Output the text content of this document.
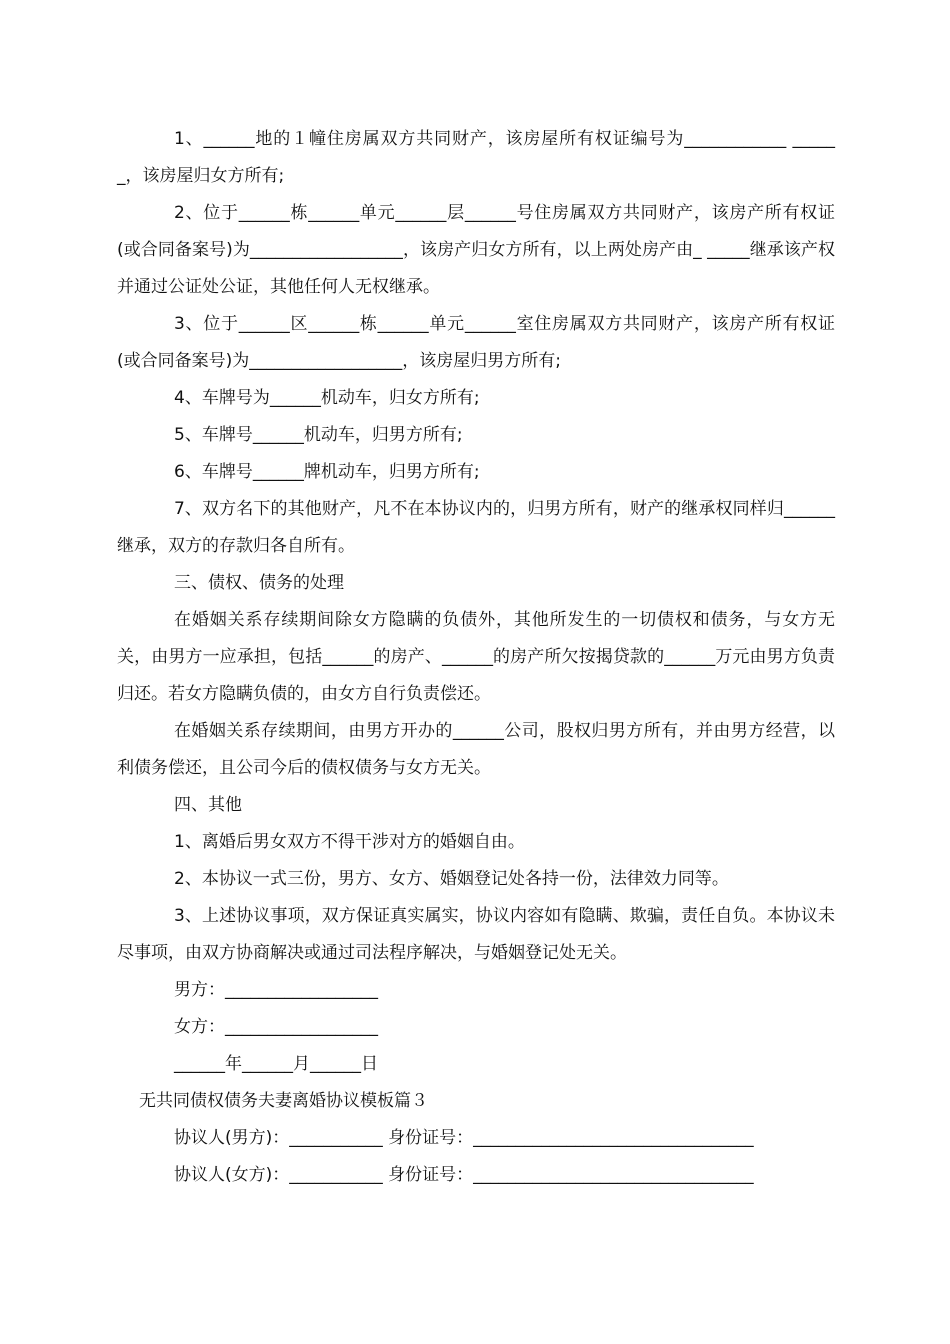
1、______地的１幢住房属双方共同财产，该房屋所有权证编号为____________ ______，该房屋归女方所有;

2、位于______栋______单元______层______号住房属双方共同财产，该房产所有权证(或合同备案号)为__________________，该房产归女方所有，以上两处房产由_ _____继承该产权并通过公证处公证，其他任何人无权继承。

3、位于______区______栋______单元______室住房属双方共同财产，该房产所有权证(或合同备案号)为__________________，该房屋归男方所有;

4、车牌号为______机动车，归女方所有;

5、车牌号______机动车，归男方所有;

6、车牌号______牌机动车，归男方所有;

7、双方名下的其他财产，凡不在本协议内的，归男方所有，财产的继承权同样归______继承，双方的存款归各自所有。

三、债权、债务的处理

在婚姻关系存续期间除女方隐瞒的负债外，其他所发生的一切债权和债务，与女方无关，由男方一应承担，包括______的房产、______的房产所欠按揭贷款的______万元由男方负责归还。若女方隐瞒负债的，由女方自行负责偿还。

在婚姻关系存续期间，由男方开办的______公司，股权归男方所有，并由男方经营，以利债务偿还，且公司今后的债权债务与女方无关。

四、其他

1、离婚后男女双方不得干涉对方的婚姻自由。

2、本协议一式三份，男方、女方、婚姻登记处各持一份，法律效力同等。

3、上述协议事项，双方保证真实属实，协议内容如有隐瞒、欺骗，责任自负。本协议未尽事项，由双方协商解决或通过司法程序解决，与婚姻登记处无关。

男方：__________________

女方：__________________

______年______月______日

无共同债权债务夫妻离婚协议模板篇３

协议人(男方)：___________ 身份证号：_________________________________

协议人(女方)：___________ 身份证号：_________________________________
